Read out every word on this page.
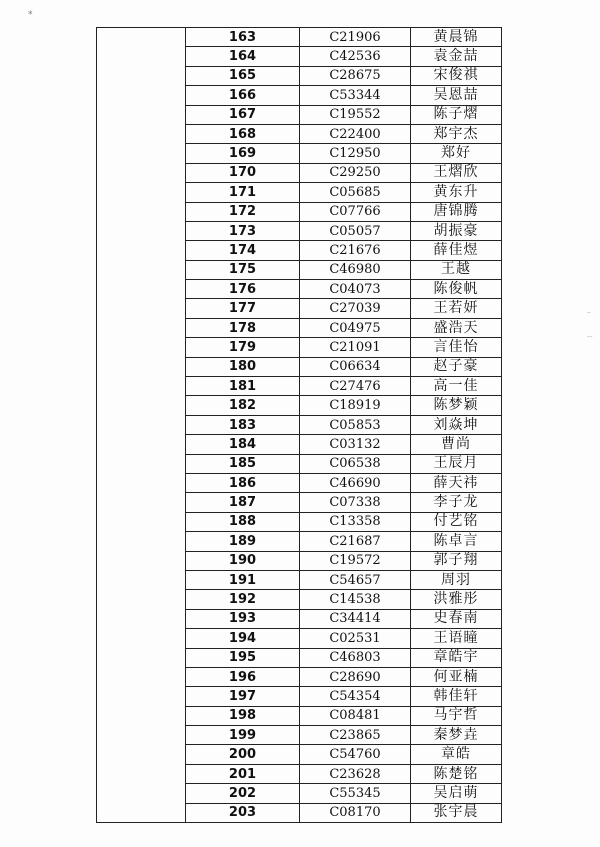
*
··
···
	163	C21906	黄晨锦
	164	C42536	袁金喆
	165	C28675	宋俊祺
	166	C53344	吴恩喆
	167	C19552	陈子熠
	168	C22400	郑宇杰
	169	C12950	郑好
	170	C29250	王熠欣
	171	C05685	黄东升
	172	C07766	唐锦腾
	173	C05057	胡振豪
	174	C21676	薛佳煜
	175	C46980	王越
	176	C04073	陈俊帆
	177	C27039	王若妍
	178	C04975	盛浩天
	179	C21091	言佳怡
	180	C06634	赵子豪
	181	C27476	高一佳
	182	C18919	陈梦颖
	183	C05853	刘焱坤
	184	C03132	曹尚
	185	C06538	王辰月
	186	C46690	薛天祎
	187	C07338	李子龙
	188	C13358	付艺铭
	189	C21687	陈卓言
	190	C19572	郭子翔
	191	C54657	周羽
	192	C14538	洪雅彤
	193	C34414	史春南
	194	C02531	王语瞳
	195	C46803	章皓宇
	196	C28690	何亚楠
	197	C54354	韩佳轩
	198	C08481	马宇哲
	199	C23865	秦梦垚
	200	C54760	章皓
	201	C23628	陈楚铭
	202	C55345	吴启萌
	203	C08170	张宇晨
